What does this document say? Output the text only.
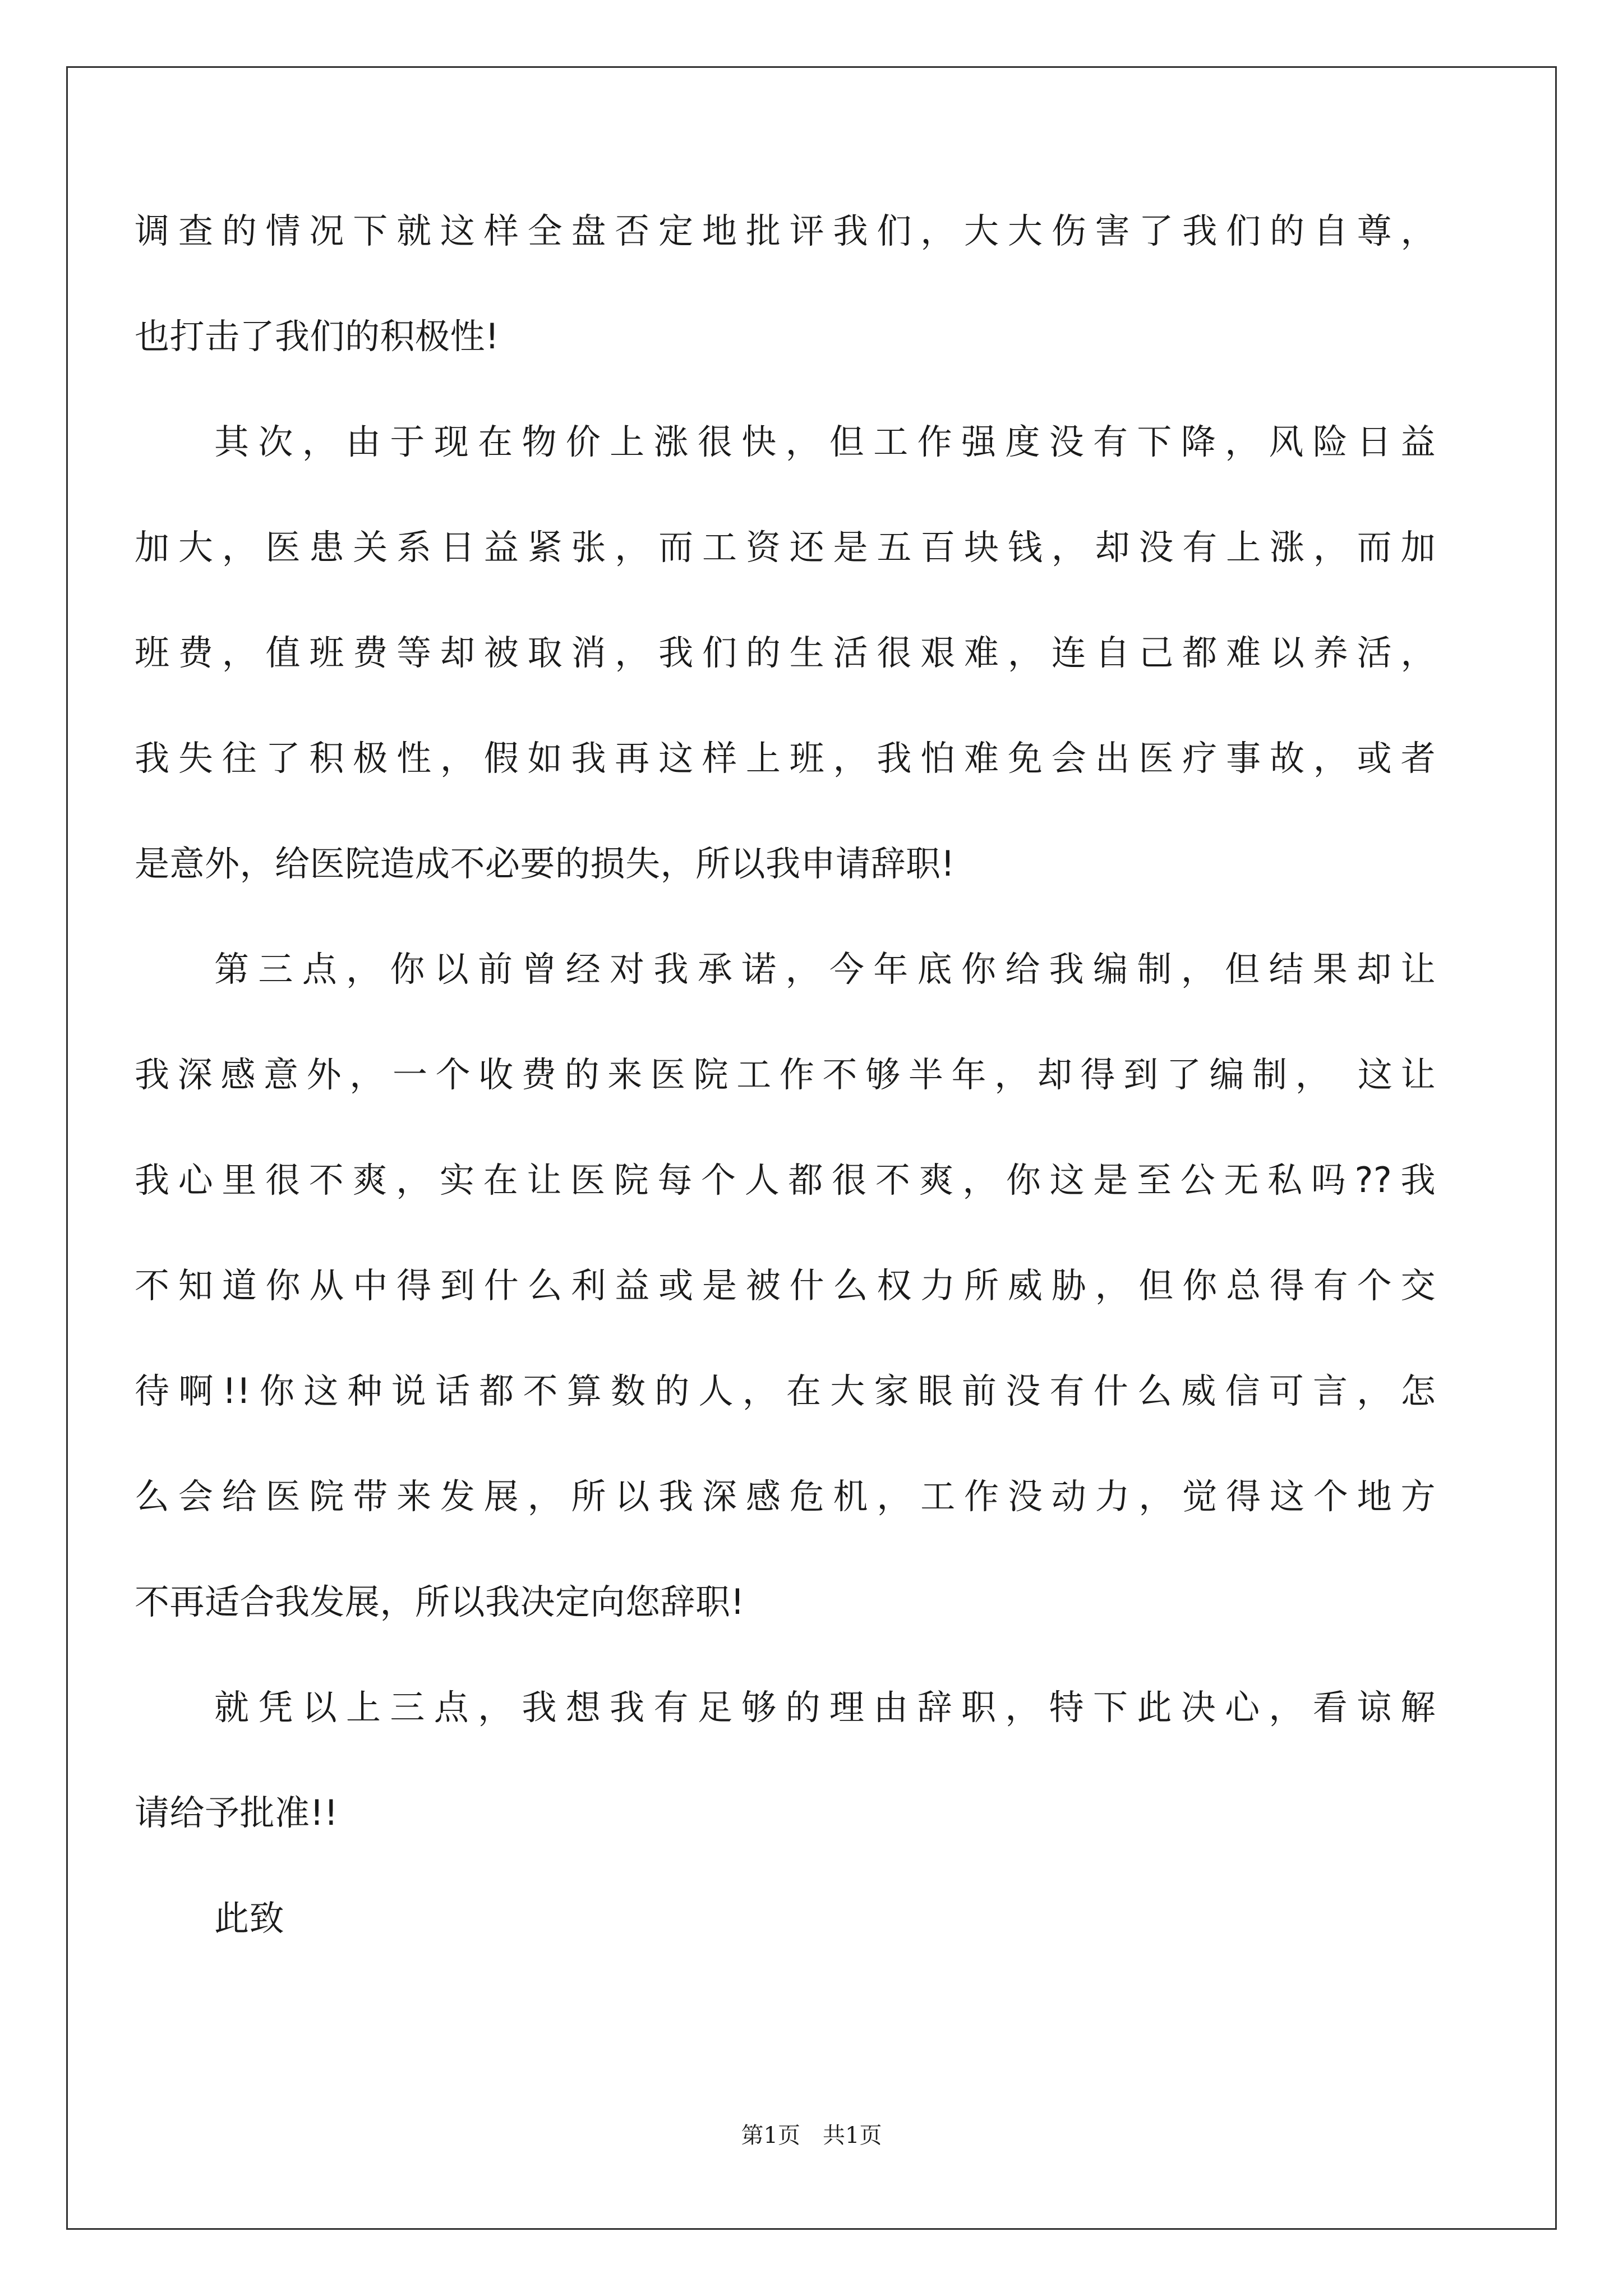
调查的情况下就这样全盘否定地批评我们，大大伤害了我们的自尊，
也打击了我们的积极性!
其次，由于现在物价上涨很快，但工作强度没有下降，风险日益
加大，医患关系日益紧张，而工资还是五百块钱，却没有上涨，而加
班费，值班费等却被取消，我们的生活很艰难，连自己都难以养活，
我失往了积极性，假如我再这样上班，我怕难免会出医疗事故，或者
是意外，给医院造成不必要的损失，所以我申请辞职!
第三点，你以前曾经对我承诺，今年底你给我编制，但结果却让
我深感意外，一个收费的来医院工作不够半年，却得到了编制， 这让
我心里很不爽，实在让医院每个人都很不爽，你这是至公无私吗??我
不知道你从中得到什么利益或是被什么权力所威胁，但你总得有个交
待啊!!你这种说话都不算数的人，在大家眼前没有什么威信可言，怎
么会给医院带来发展，所以我深感危机，工作没动力，觉得这个地方
不再适合我发展，所以我决定向您辞职!
就凭以上三点，我想我有足够的理由辞职，特下此决心，看谅解
请给予批准!!
此致
第1页 共1页
